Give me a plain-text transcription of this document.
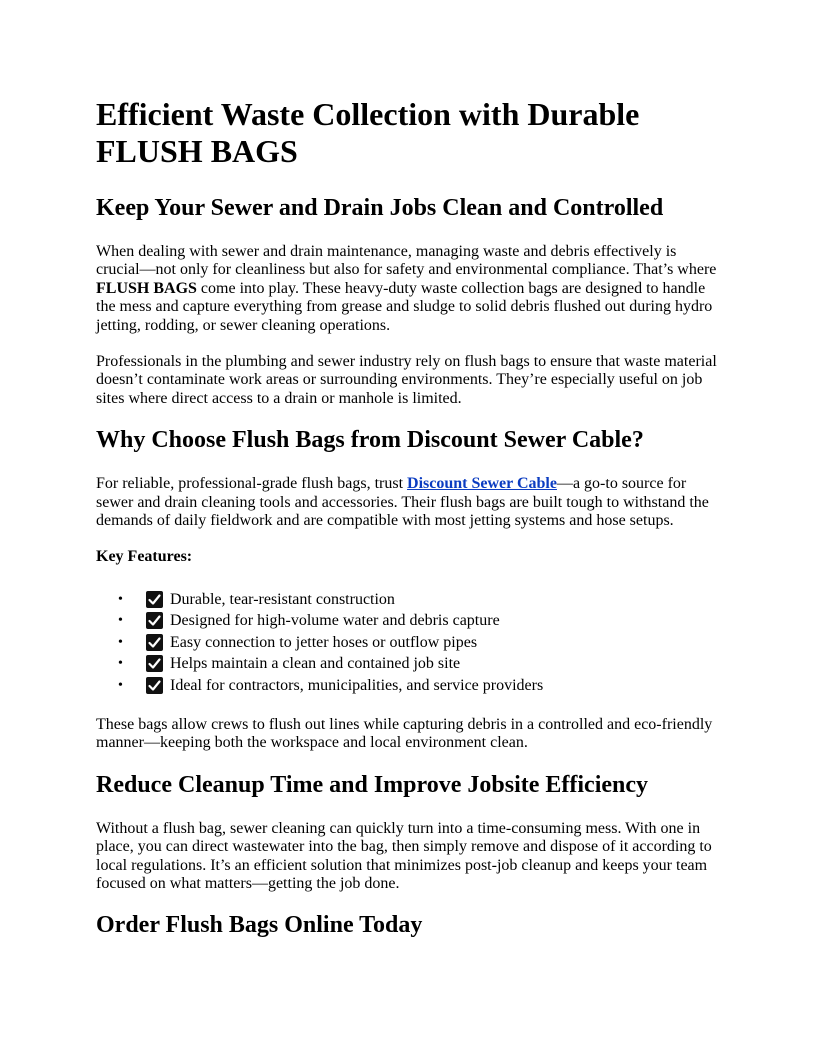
Efficient Waste Collection with Durable FLUSH BAGS
Keep Your Sewer and Drain Jobs Clean and Controlled

When dealing with sewer and drain maintenance, managing waste and debris effectively is crucial—not only for cleanliness but also for safety and environmental compliance. That’s where FLUSH BAGS come into play. These heavy-duty waste collection bags are designed to handle the mess and capture everything from grease and sludge to solid debris flushed out during hydro jetting, rodding, or sewer cleaning operations.

Professionals in the plumbing and sewer industry rely on flush bags to ensure that waste material doesn’t contaminate work areas or surrounding environments. They’re especially useful on job sites where direct access to a drain or manhole is limited.

Why Choose Flush Bags from Discount Sewer Cable?

For reliable, professional-grade flush bags, trust Discount Sewer Cable—a go-to source for sewer and drain cleaning tools and accessories. Their flush bags are built tough to withstand the demands of daily fieldwork and are compatible with most jetting systems and hose setups.

Key Features:
•	Durable, tear-resistant construction
•	Designed for high-volume water and debris capture
•	Easy connection to jetter hoses or outflow pipes
•	Helps maintain a clean and contained job site
•	Ideal for contractors, municipalities, and service providers

These bags allow crews to flush out lines while capturing debris in a controlled and eco-friendly manner—keeping both the workspace and local environment clean.

Reduce Cleanup Time and Improve Jobsite Efficiency

Without a flush bag, sewer cleaning can quickly turn into a time-consuming mess. With one in place, you can direct wastewater into the bag, then simply remove and dispose of it according to local regulations. It’s an efficient solution that minimizes post-job cleanup and keeps your team focused on what matters—getting the job done.

Order Flush Bags Online Today
